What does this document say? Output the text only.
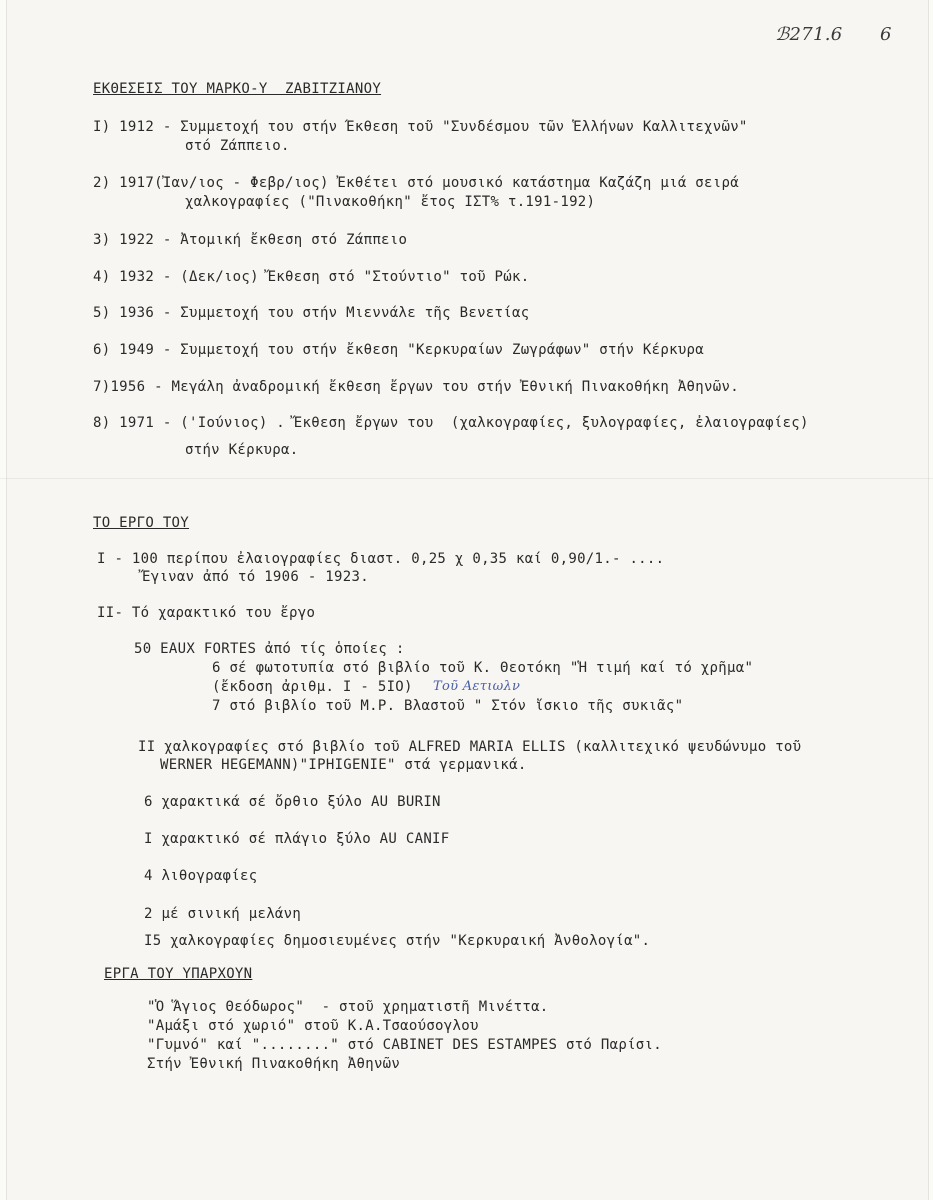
ℬ271.6 6
ΕΚΘΕΣΕΙΣ ΤΟΥ ΜΑΡΚΟ-Υ  ZΑΒΙΤΖΙΑΝΟΥ
I) 1912 - Συμμετοχή του στήν Έκθεση τοῦ "Συνδέσμου τῶν Ἑλλήνων Καλλιτεχνῶν"
στό Ζάππειο.
2) 1917(Ἰαν/ιος - Φεβρ/ιος) Ἐκθέτει στό μουσικό κατάστημα Καζάζη μιά σειρά
χαλκογραφίες ("Πινακοθήκη" ἔτος ΙΣΤ% τ.191-192)
3) 1922 - Ἀτομική ἔκθεση στό Ζάππειο
4) 1932 - (Δεκ/ιος) Ἔκθεση στό "Στούντιο" τοῦ Ρώκ.
5) 1936 - Συμμετοχή του στήν Μιεννάλε τῆς Βενετίας
6) 1949 - Συμμετοχή του στήν ἔκθεση "Κερκυραίων Ζωγράφων" στήν Κέρκυρα
7)1956 - Μεγάλη ἀναδρομική ἔκθεση ἔργων του στήν Ἐθνική Πινακοθήκη Ἀθηνῶν.
8) 1971 - ('Ιούνιος) . Ἔκθεση ἔργων του  (χαλκογραφίες, ξυλογραφίες, ἐλαιογραφίες)
στήν Κέρκυρα.
ΤΟ ΕΡΓΟ ΤΟΥ
I - 100 περίπου ἐλαιογραφίες διαστ. 0,25 χ 0,35 καί 0,90/1.- ....
Ἔγιναν ἀπό τό 1906 - 1923.
II- Τό χαρακτικό του ἔργο
50 EAUX FORTES ἀπό τίς ὁποίες :
6 σέ φωτοτυπία στό βιβλίο τοῦ Κ. Θεοτόκη "Ἡ τιμή καί τό χρῆμα"
(ἔκδοση ἀριθμ. I - 5ΙΟ) Τοῦ Αετιωλν
7 στό βιβλίο τοῦ Μ.Ρ. Βλαστοῦ " Στόν ἴσκιο τῆς συκιᾶς"
II χαλκογραφίες στό βιβλίο τοῦ ALFRED MARIA ELLIS (καλλιτεχικό ψευδώνυμο τοῦ
WERNER HEGEMANN)"IPHIGENIE" στά γερμανικά.
6 χαρακτικά σέ ὄρθιο ξύλο AU BURIN
I χαρακτικό σέ πλάγιο ξύλο AU CANIF
4 λιθογραφίες
2 μέ σινική μελάνη
I5 χαλκογραφίες δημοσιευμένες στήν "Κερκυραική Ἀνθολογία".
ΕΡΓΑ ΤΟΥ ΥΠΑΡΧΟΥΝ
"Ὁ Ἅγιος Θεόδωρος"  - στοῦ χρηματιστῆ Μινέττα.
"Αμάξι στό χωριό" στοῦ Κ.Α.Τσαούσογλου
"Γυμνό" καί "........" στό CABINET DES ESTAMPES στό Παρίσι.
Στήν Ἐθνική Πινακοθήκη Ἀθηνῶν
